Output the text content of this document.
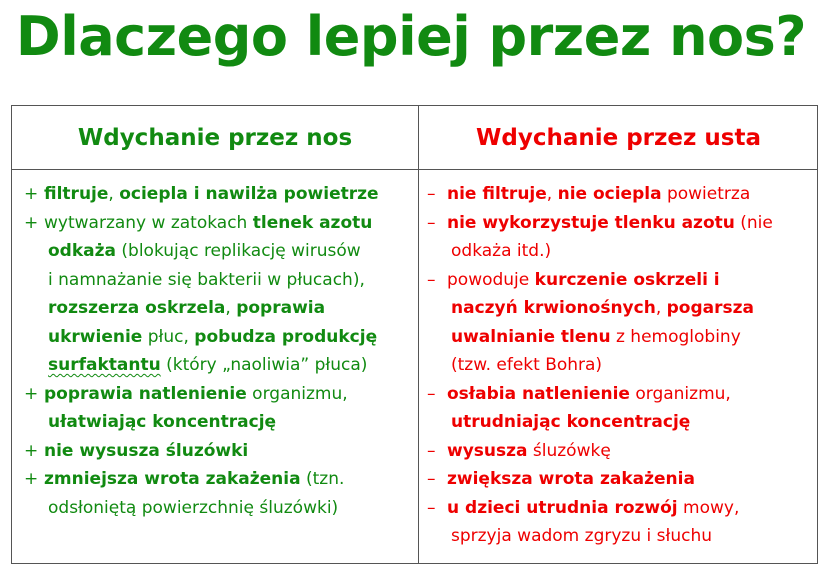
Dlaczego lepiej przez nos?
Wdychanie przez nos	Wdychanie przez usta
+ filtruje , ociepla i nawilża powietrze
+ wytwarzany w zatokach tlenek azotu
odkaża (blokując replikację wirusów
i namnażanie się bakterii w płucach),
rozszerza oskrzela , poprawia
ukrwienie płuc, pobudza produkcję
surfaktantu (który „naoliwia” płuca)
+ poprawia natlenienie organizmu,
ułatwiając koncentrację
+ nie wysusza śluzówki
+ zmniejsza wrota zakażenia (tzn.
odsłoniętą powierzchnię śluzówki)
– nie filtruje , nie ociepla powietrza
– nie wykorzystuje tlenku azotu (nie
odkaża itd.)
– powoduje kurczenie oskrzeli i
naczyń krwionośnych , pogarsza
uwalnianie tlenu z hemoglobiny
(tzw. efekt Bohra)
– osłabia natlenienie organizmu,
utrudniając koncentrację
– wysusza śluzówkę
– zwiększa wrota zakażenia
– u dzieci utrudnia rozwój mowy,
sprzyja wadom zgryzu i słuchu
